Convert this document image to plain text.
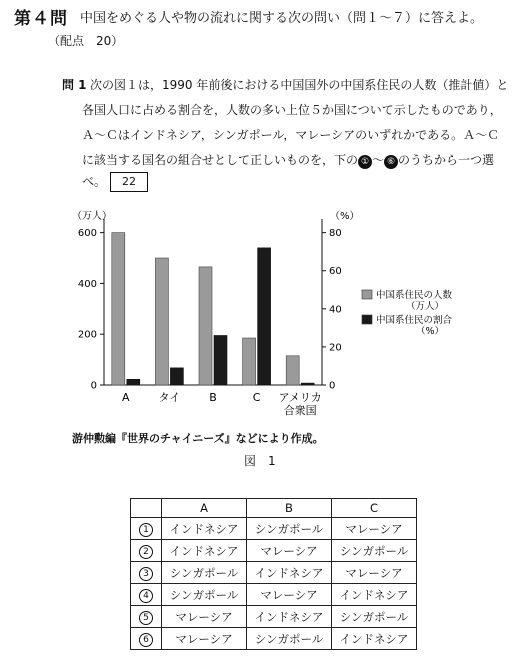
第４問 中国をめぐる人や物の流れに関する次の問い（問１～７）に答えよ。
（配点　20）
問 1 次の図１は，1990 年前後における中国国外の中国系住民の人数（推計値）と
各国人口に占める割合を，人数の多い上位５か国について示したものであり，
Ａ～Ｃはインドネシア，シンガポール，マレーシアのいずれかである。Ａ～Ｃ
に該当する国名の組合せとして正しいものを，下の ① ～ ⑥ のうちから一つ選
べ。 22
（万人）	（%）
0
200
400
600
0
20
40
60
80
A	タイ	B	C アメリカ
合衆国
中国系住民の人数
（万人）
中国系住民の割合
（%）
游仲勲編『世界のチャイニーズ』などにより作成。
図　1
	A	B	C
1	インドネシア	シンガポール	マレーシア
2	インドネシア	マレーシア	シンガポール
3	シンガポール	インドネシア	マレーシア
4	シンガポール	マレーシア	インドネシア
5	マレーシア	インドネシア	シンガポール
6	マレーシア	シンガポール	インドネシア
